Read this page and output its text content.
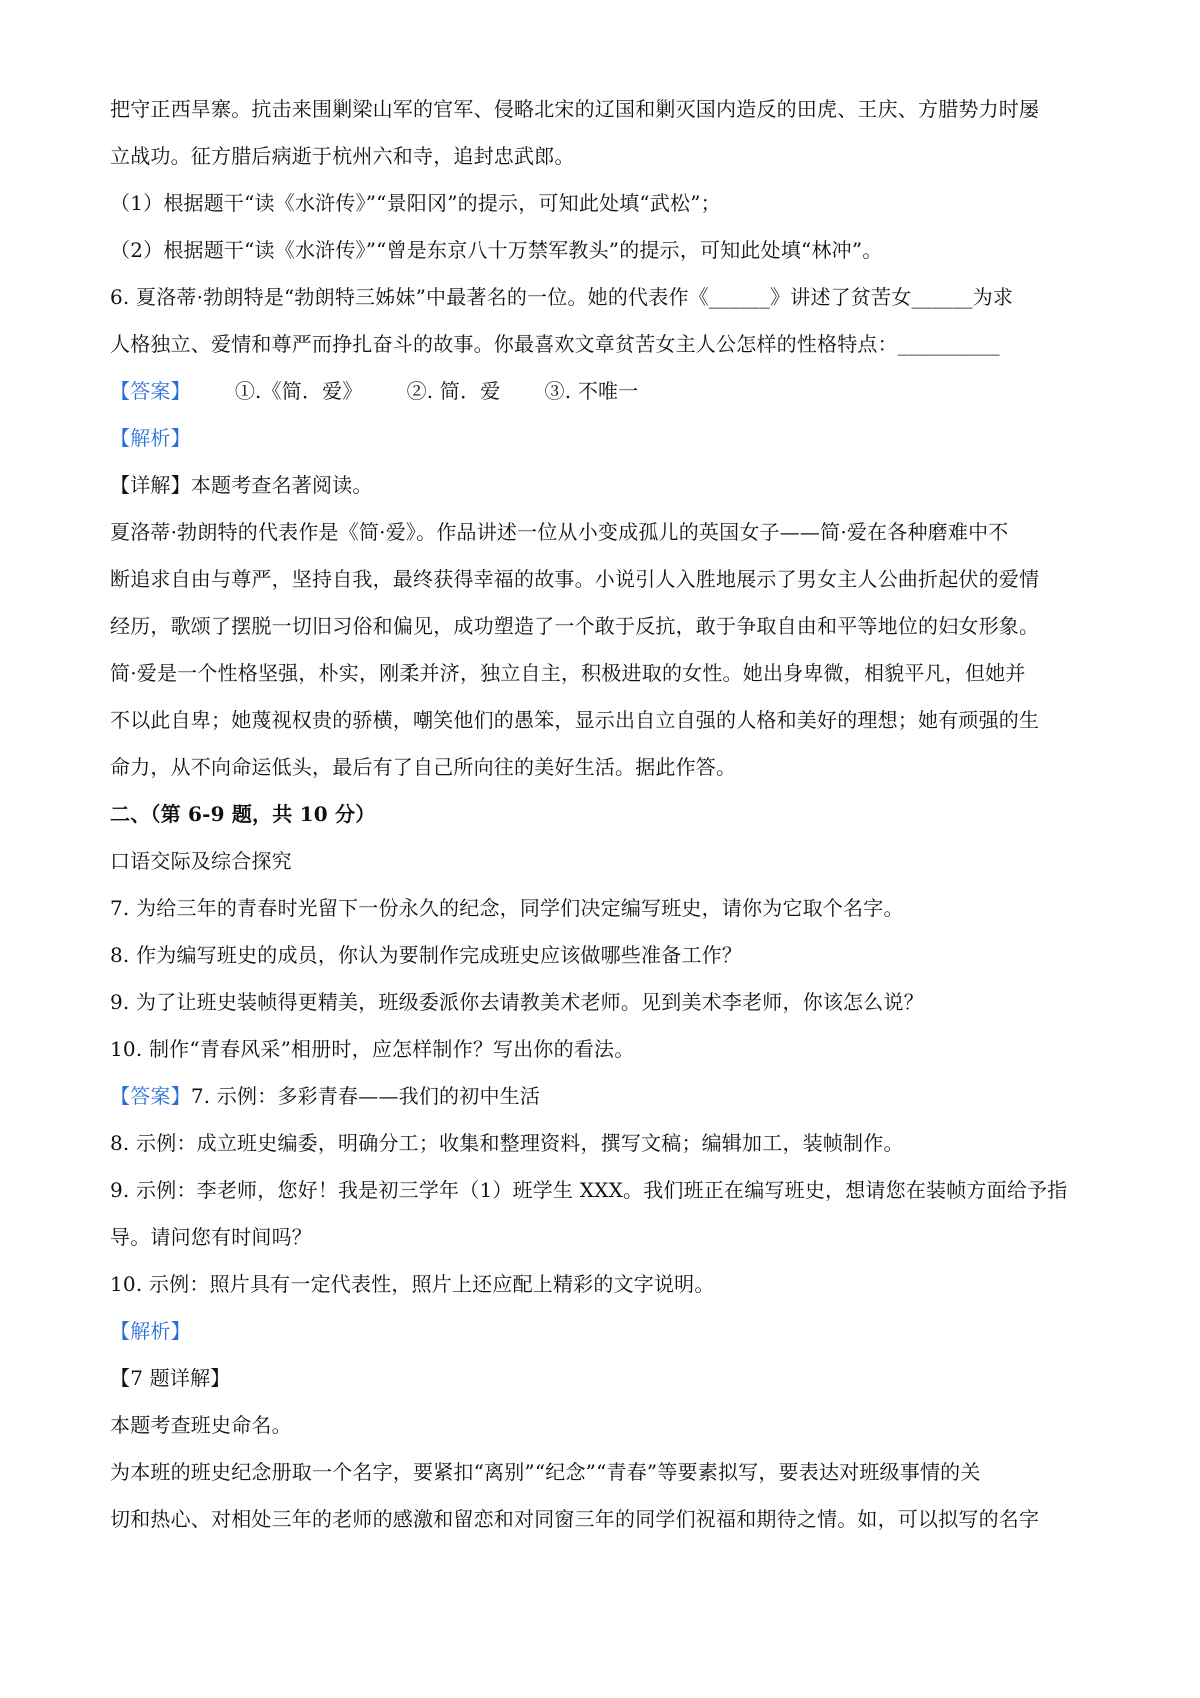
把守正西旱寨。抗击来围剿梁山军的官军、侵略北宋的辽国和剿灭国内造反的田虎、王庆、方腊势力时屡
立战功。征方腊后病逝于杭州六和寺，追封忠武郎。
（1）根据题干“读《水浒传》”“景阳冈”的提示，可知此处填“武松”；
（2）根据题干“读《水浒传》”“曾是东京八十万禁军教头”的提示，可知此处填“林冲”。
6. 夏洛蒂·勃朗特是“勃朗特三姊妹”中最著名的一位。她的代表作《______》讲述了贫苦女______为求
人格独立、爱情和尊严而挣扎奋斗的故事。你最喜欢文章贫苦女主人公怎样的性格特点：__________
【答案】 ①.《简．爱》 ②. 简．爱 ③. 不唯一
【解析】
【详解】本题考查名著阅读。
夏洛蒂·勃朗特的代表作是《简·爱》。作品讲述一位从小变成孤儿的英国女子——简·爱在各种磨难中不
断追求自由与尊严，坚持自我，最终获得幸福的故事。小说引人入胜地展示了男女主人公曲折起伏的爱情
经历，歌颂了摆脱一切旧习俗和偏见，成功塑造了一个敢于反抗，敢于争取自由和平等地位的妇女形象。
简·爱是一个性格坚强，朴实，刚柔并济，独立自主，积极进取的女性。她出身卑微，相貌平凡，但她并
不以此自卑；她蔑视权贵的骄横，嘲笑他们的愚笨，显示出自立自强的人格和美好的理想；她有顽强的生
命力，从不向命运低头，最后有了自己所向往的美好生活。据此作答。
二、（第 6-9 题，共 10 分）
口语交际及综合探究
7. 为给三年的青春时光留下一份永久的纪念，同学们决定编写班史，请你为它取个名字。
8. 作为编写班史的成员，你认为要制作完成班史应该做哪些准备工作？
9. 为了让班史装帧得更精美，班级委派你去请教美术老师。见到美术李老师，你该怎么说？
10. 制作“青春风采”相册时，应怎样制作？写出你的看法。
【答案】7. 示例：多彩青春——我们的初中生活
8. 示例：成立班史编委，明确分工；收集和整理资料，撰写文稿；编辑加工，装帧制作。
9. 示例：李老师，您好！我是初三学年（1）班学生 XXX。我们班正在编写班史，想请您在装帧方面给予指
导。请问您有时间吗？
10. 示例：照片具有一定代表性，照片上还应配上精彩的文字说明。
【解析】
【7 题详解】
本题考查班史命名。
为本班的班史纪念册取一个名字，要紧扣“离别”“纪念”“青春”等要素拟写，要表达对班级事情的关
切和热心、对相处三年的老师的感激和留恋和对同窗三年的同学们祝福和期待之情。如，可以拟写的名字
